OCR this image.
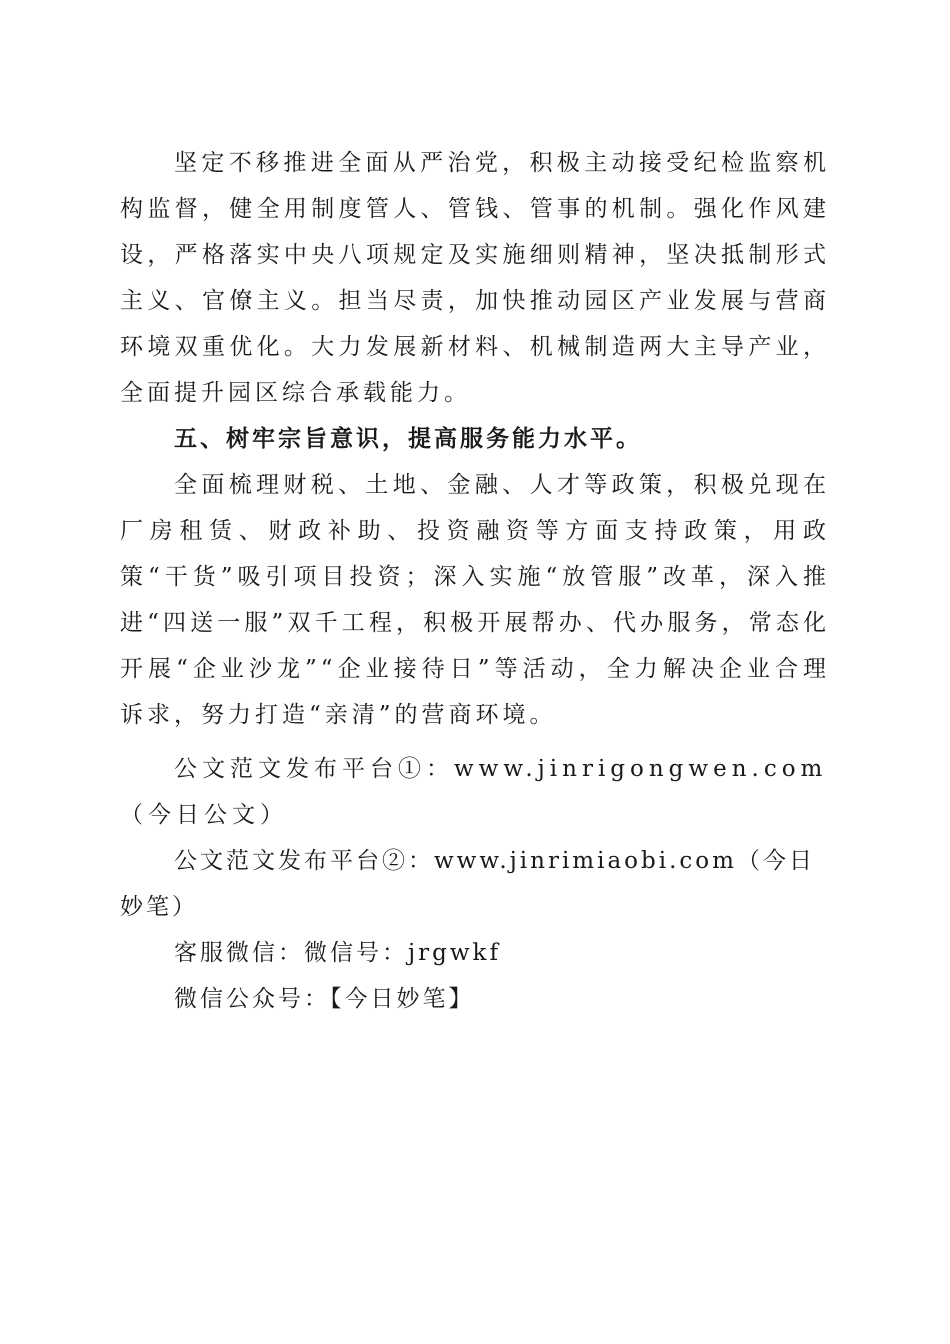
坚定不移推进全面从严治党，积极主动接受纪检监察机构监督，健全用制度管人、管钱、管事的机制。强化作风建设，严格落实中央八项规定及实施细则精神，坚决抵制形式主义、官僚主义。担当尽责，加快推动园区产业发展与营商环境双重优化。大力发展新材料、机械制造两大主导产业，全面提升园区综合承载能力。

五、树牢宗旨意识，提高服务能力水平。

全面梳理财税、土地、金融、人才等政策，积极兑现在厂房租赁、财政补助、投资融资等方面支持政策，用政策“干货”吸引项目投资；深入实施“放管服”改革，深入推进“四送一服”双千工程，积极开展帮办、代办服务，常态化开展“企业沙龙”“企业接待日”等活动，全力解决企业合理诉求，努力打造“亲清”的营商环境。

公文范文发布平台①：www.jinrigongwen.com（今日公文）

公文范文发布平台②：www.jinrimiaobi.com（今日妙笔）

客服微信：微信号：jrgwkf

微信公众号：【今日妙笔】
